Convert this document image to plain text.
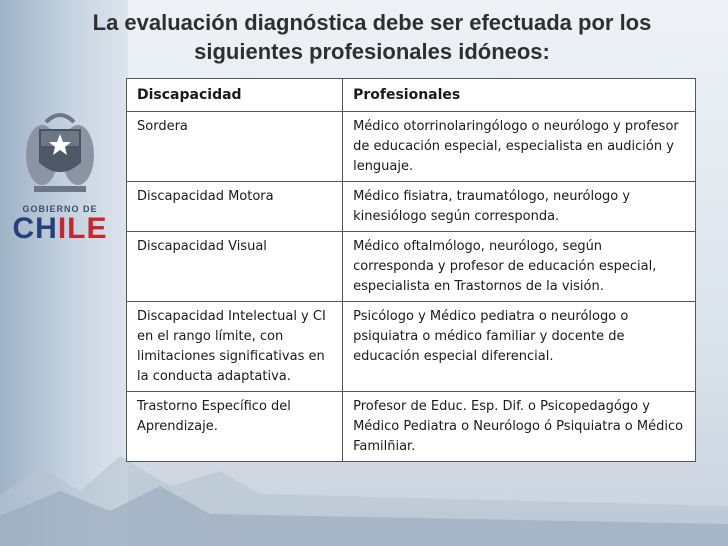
GOBIERNO DE
CHILE
La evaluación diagnóstica debe ser efectuada por los
siguientes profesionales idóneos:
Discapacidad	Profesionales
Sordera	Médico otorrinolaringólogo o neurólogo y profesor de educación especial, especialista en audición y lenguaje.
Discapacidad Motora	Médico fisiatra, traumatólogo, neurólogo y kinesiólogo según corresponda.
Discapacidad Visual	Médico oftalmólogo, neurólogo, según corresponda y profesor de educación especial, especialista en Trastornos de la visión.
Discapacidad Intelectual y CI en el rango límite, con limitaciones significativas en la conducta adaptativa.	Psicólogo y Médico pediatra o neurólogo o psiquiatra o médico familiar y docente de educación especial diferencial.
Trastorno Específico del Aprendizaje.	Profesor de Educ. Esp. Dif. o Psicopedagógo y Médico Pediatra o Neurólogo ó Psiquiatra o Médico Familñiar.
